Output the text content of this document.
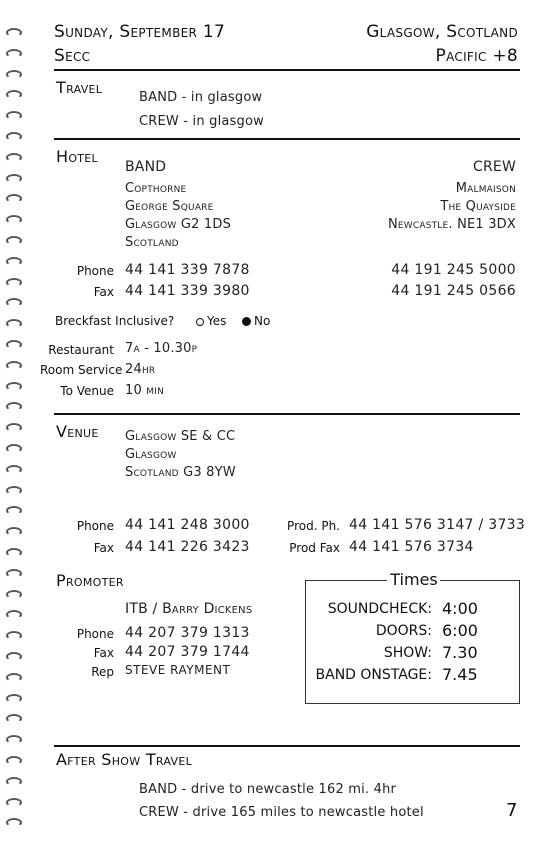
Sunday, September 17
Secc
Glasgow, Scotland
Pacific +8
Travel
BAND - in glasgow
CREW - in glasgow
Hotel
BAND
Copthorne
George Square
Glasgow G2 1DS
Scotland
CREW
Malmaison
The Quayside
Newcastle. NE1 3DX
Phone
Fax
44 141 339 7878
44 141 339 3980
44 191 245 5000
44 191 245 0566
Breckfast Inclusive?	Yes No
Restaurant 7a - 10.30p
Room Service 24hr
To Venue 10 min
Venue Glasgow SE & CC
Glasgow
Scotland G3 8YW
Phone
Fax
44 141 248 3000
44 141 226 3423
Prod. Ph.
Prod Fax
44 141 576 3147 / 3733
44 141 576 3734
Promoter
ITB / Barry Dickens
Phone
Fax
Rep
44 207 379 1313
44 207 379 1744
STEVE RAYMENT
Times
SOUNDCHECK: 4:00
DOORS: 6:00
SHOW: 7.30
BAND ONSTAGE: 7.45
After Show Travel
BAND - drive to newcastle 162 mi. 4hr
CREW - drive 165 miles to newcastle hotel	7
